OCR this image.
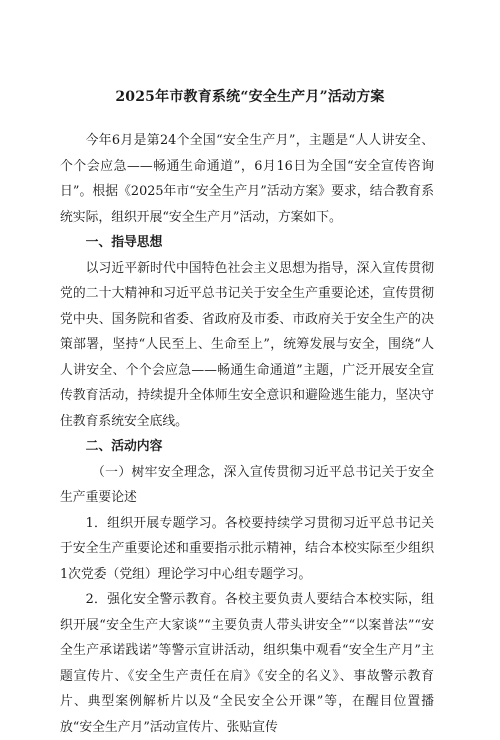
2025年市教育系统“安全生产月”活动方案

今年6月是第24个全国“安全生产月”，主题是“人人讲安全、个个会应急——畅通生命通道”，6月16日为全国“安全宣传咨询日”。根据《2025年市“安全生产月”活动方案》要求，结合教育系统实际，组织开展“安全生产月”活动，方案如下。

一、指导思想

以习近平新时代中国特色社会主义思想为指导，深入宣传贯彻党的二十大精神和习近平总书记关于安全生产重要论述，宣传贯彻党中央、国务院和省委、省政府及市委、市政府关于安全生产的决策部署，坚持“人民至上、生命至上”，统筹发展与安全，围绕“人人讲安全、个个会应急——畅通生命通道”主题，广泛开展安全宣传教育活动，持续提升全体师生安全意识和避险逃生能力，坚决守住教育系统安全底线。

二、活动内容

（一）树牢安全理念，深入宣传贯彻习近平总书记关于安全生产重要论述

1．组织开展专题学习。各校要持续学习贯彻习近平总书记关于安全生产重要论述和重要指示批示精神，结合本校实际至少组织1次党委（党组）理论学习中心组专题学习。

2．强化安全警示教育。各校主要负责人要结合本校实际，组织开展“安全生产大家谈”“主要负责人带头讲安全”“以案普法”“安全生产承诺践诺”等警示宣讲活动，组织集中观看“安全生产月”主题宣传片、《安全生产责任在肩》《安全的名义》、事故警示教育片、典型案例解析片以及“全民安全公开课”等，在醒目位置播放“安全生产月”活动宣传片、张贴宣传
